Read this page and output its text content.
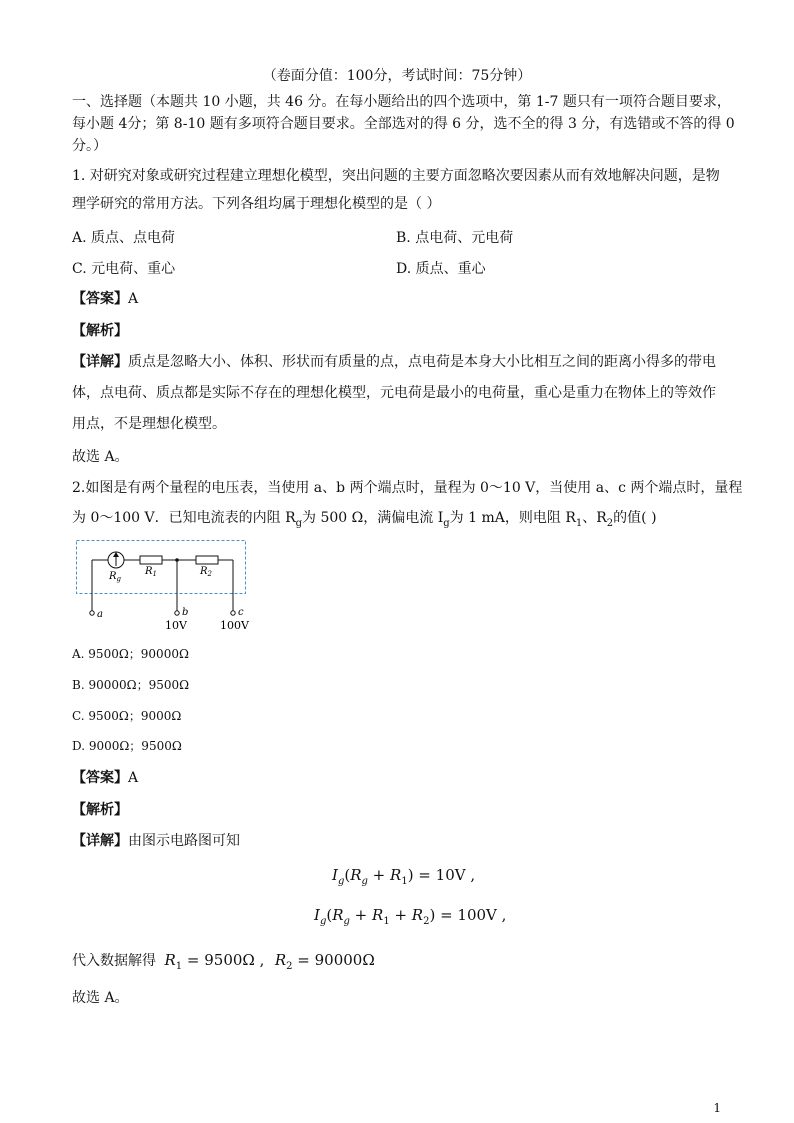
（卷面分值：100分，考试时间：75分钟）
一、选择题（本题共 10 小题，共 46 分。在每小题给出的四个选项中，第 1-7 题只有一项符合题目要求，
每小题 4分；第 8-10 题有多项符合题目要求。全部选对的得 6 分，选不全的得 3 分，有选错或不答的得 0
分。）
1. 对研究对象或研究过程建立理想化模型，突出问题的主要方面忽略次要因素从而有效地解决问题，是物
理学研究的常用方法。下列各组均属于理想化模型的是（ ）
A. 质点、点电荷	B. 点电荷、元电荷
C. 元电荷、重心	D. 质点、重心
【答案】A
【解析】
【详解】质点是忽略大小、体积、形状而有质量的点，点电荷是本身大小比相互之间的距离小得多的带电
体，点电荷、质点都是实际不存在的理想化模型，元电荷是最小的电荷量，重心是重力在物体上的等效作
用点，不是理想化模型。
故选 A。
2.如图是有两个量程的电压表，当使用 a、b 两个端点时，量程为 0～10 V，当使用 a、c 两个端点时，量程
为 0～100 V．已知电流表的内阻 $R_g$为 500 Ω，满偏电流 $I_g$为 1 mA，则电阻 $R_1$、$R_2$的值( )
$R_g$
$R_1$	$R_2$
a	b	c
10V	100V
A. 9500Ω；90000Ω
B. 90000Ω；9500Ω
C. 9500Ω；9000Ω
D. 9000Ω；9500Ω
【答案】A
【解析】
【详解】由图示电路图可知
$I_g(R_g + R_1) = 10V$ ,
$I_g(R_g + R_1 + R_2) = 100V$ ,
代入数据解得 $R_1 = 9500\Omega$ , $R_2 = 90000\Omega$
故选 A。
1
